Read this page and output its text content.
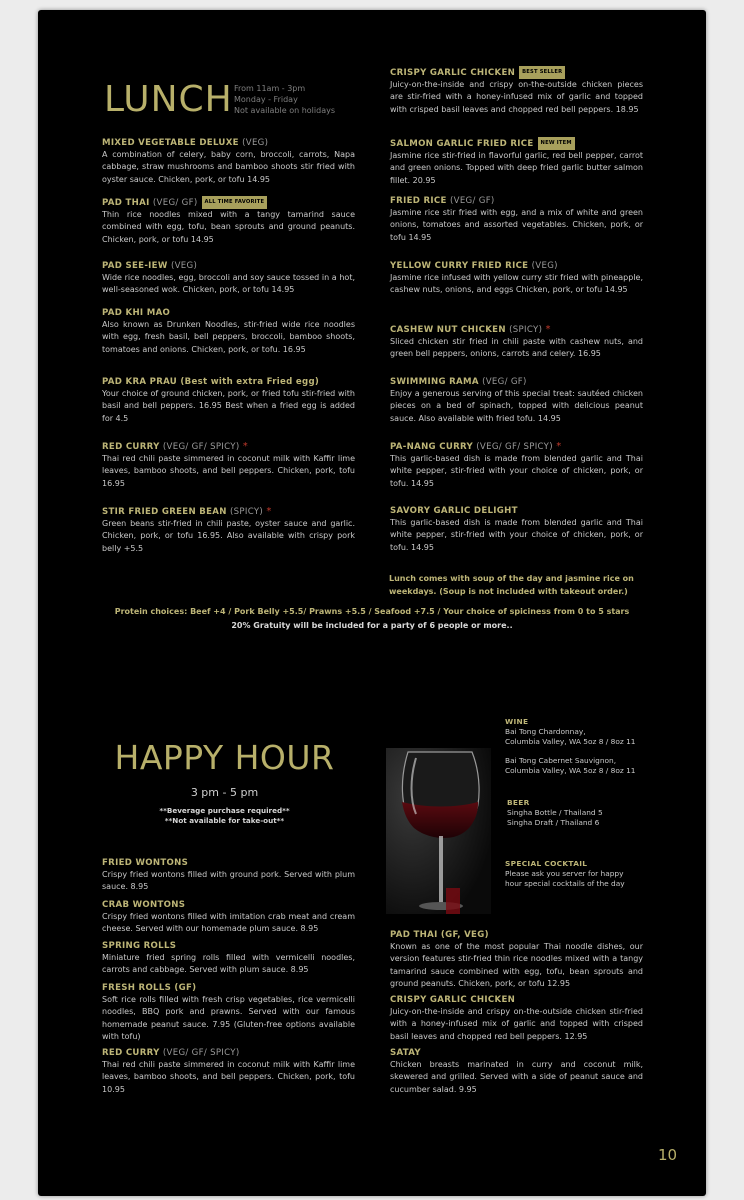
LUNCH From 11am - 3pm
Monday - Friday
Not available on holidays
MIXED VEGETABLE DELUXE (VEG)
A combination of celery, baby corn, broccoli, carrots, Napa cabbage, straw mushrooms and bamboo shoots stir fried with oyster sauce. Chicken, pork, or tofu 14.95
PAD THAI (VEG/ GF) ALL TIME FAVORITE
Thin rice noodles mixed with a tangy tamarind sauce combined with egg, tofu, bean sprouts and ground peanuts. Chicken, pork, or tofu 14.95
PAD SEE-IEW (VEG)
Wide rice noodles, egg, broccoli and soy sauce tossed in a hot, well-seasoned wok. Chicken, pork, or tofu 14.95
PAD KHI MAO
Also known as Drunken Noodles, stir-fried wide rice noodles with egg, fresh basil, bell peppers, broccoli, bamboo shoots, tomatoes and onions. Chicken, pork, or tofu. 16.95
PAD KRA PRAU (Best with extra Fried egg)
Your choice of ground chicken, pork, or fried tofu stir-fried with basil and bell peppers. 16.95 Best when a fried egg is added for 4.5
RED CURRY (VEG/ GF/ SPICY) *
Thai red chili paste simmered in coconut milk with Kaffir lime leaves, bamboo shoots, and bell peppers. Chicken, pork, tofu 16.95
STIR FRIED GREEN BEAN (SPICY) *
Green beans stir-fried in chili paste, oyster sauce and garlic. Chicken, pork, or tofu 16.95. Also available with crispy pork belly +5.5
CRISPY GARLIC CHICKEN BEST SELLER
Juicy-on-the-inside and crispy on-the-outside chicken pieces are stir-fried with a honey-infused mix of garlic and topped with crisped basil leaves and chopped red bell peppers. 18.95
SALMON GARLIC FRIED RICE NEW ITEM
Jasmine rice stir-fried in flavorful garlic, red bell pepper, carrot and green onions. Topped with deep fried garlic butter salmon fillet. 20.95
FRIED RICE (VEG/ GF)
Jasmine rice stir fried with egg, and a mix of white and green onions, tomatoes and assorted vegetables. Chicken, pork, or tofu 14.95
YELLOW CURRY FRIED RICE (VEG)
Jasmine rice infused with yellow curry stir fried with pineapple, cashew nuts, onions, and eggs Chicken, pork, or tofu 14.95
CASHEW NUT CHICKEN (SPICY) *
Sliced chicken stir fried in chili paste with cashew nuts, and green bell peppers, onions, carrots and celery. 16.95
SWIMMING RAMA (VEG/ GF)
Enjoy a generous serving of this special treat: sautéed chicken pieces on a bed of spinach, topped with delicious peanut sauce. Also available with fried tofu. 14.95
PA-NANG CURRY (VEG/ GF/ SPICY) *
This garlic-based dish is made from blended garlic and Thai white pepper, stir-fried with your choice of chicken, pork, or tofu. 14.95
SAVORY GARLIC DELIGHT
This garlic-based dish is made from blended garlic and Thai white pepper, stir-fried with your choice of chicken, pork, or tofu. 14.95
Lunch comes with soup of the day and jasmine rice on weekdays. (Soup is not included with takeout order.)
Protein choices: Beef +4 / Pork Belly +5.5/ Prawns +5.5 / Seafood +7.5 / Your choice of spiciness from 0 to 5 stars
20% Gratuity will be included for a party of 6 people or more..
HAPPY HOUR
3 pm - 5 pm
**Beverage purchase required**
**Not available for take-out**
FRIED WONTONS
Crispy fried wontons filled with ground pork. Served with plum sauce. 8.95
CRAB WONTONS
Crispy fried wontons filled with imitation crab meat and cream cheese. Served with our homemade plum sauce. 8.95
SPRING ROLLS
Miniature fried spring rolls filled with vermicelli noodles, carrots and cabbage. Served with plum sauce. 8.95
FRESH ROLLS (GF)
Soft rice rolls filled with fresh crisp vegetables, rice vermicelli noodles, BBQ pork and prawns. Served with our famous homemade peanut sauce. 7.95 (Gluten-free options available with tofu)
RED CURRY (VEG/ GF/ SPICY)
Thai red chili paste simmered in coconut milk with Kaffir lime leaves, bamboo shoots, and bell peppers. Chicken, pork, tofu 10.95
WINE
Bai Tong Chardonnay,
Columbia Valley, WA 5oz 8 / 8oz 11
Bai Tong Cabernet Sauvignon,
Columbia Valley, WA 5oz 8 / 8oz 11
BEER
Singha Bottle / Thailand 5
Singha Draft / Thailand 6
SPECIAL COCKTAIL
Please ask you server for happy
hour special cocktails of the day
PAD THAI (GF, VEG)
Known as one of the most popular Thai noodle dishes, our version features stir-fried thin rice noodles mixed with a tangy tamarind sauce combined with egg, tofu, bean sprouts and ground peanuts. Chicken, pork, or tofu 12.95
CRISPY GARLIC CHICKEN
Juicy-on-the-inside and crispy on-the-outside chicken stir-fried with a honey-infused mix of garlic and topped with crisped basil leaves and chopped red bell peppers. 12.95
SATAY
Chicken breasts marinated in curry and coconut milk, skewered and grilled. Served with a side of peanut sauce and cucumber salad. 9.95
10
